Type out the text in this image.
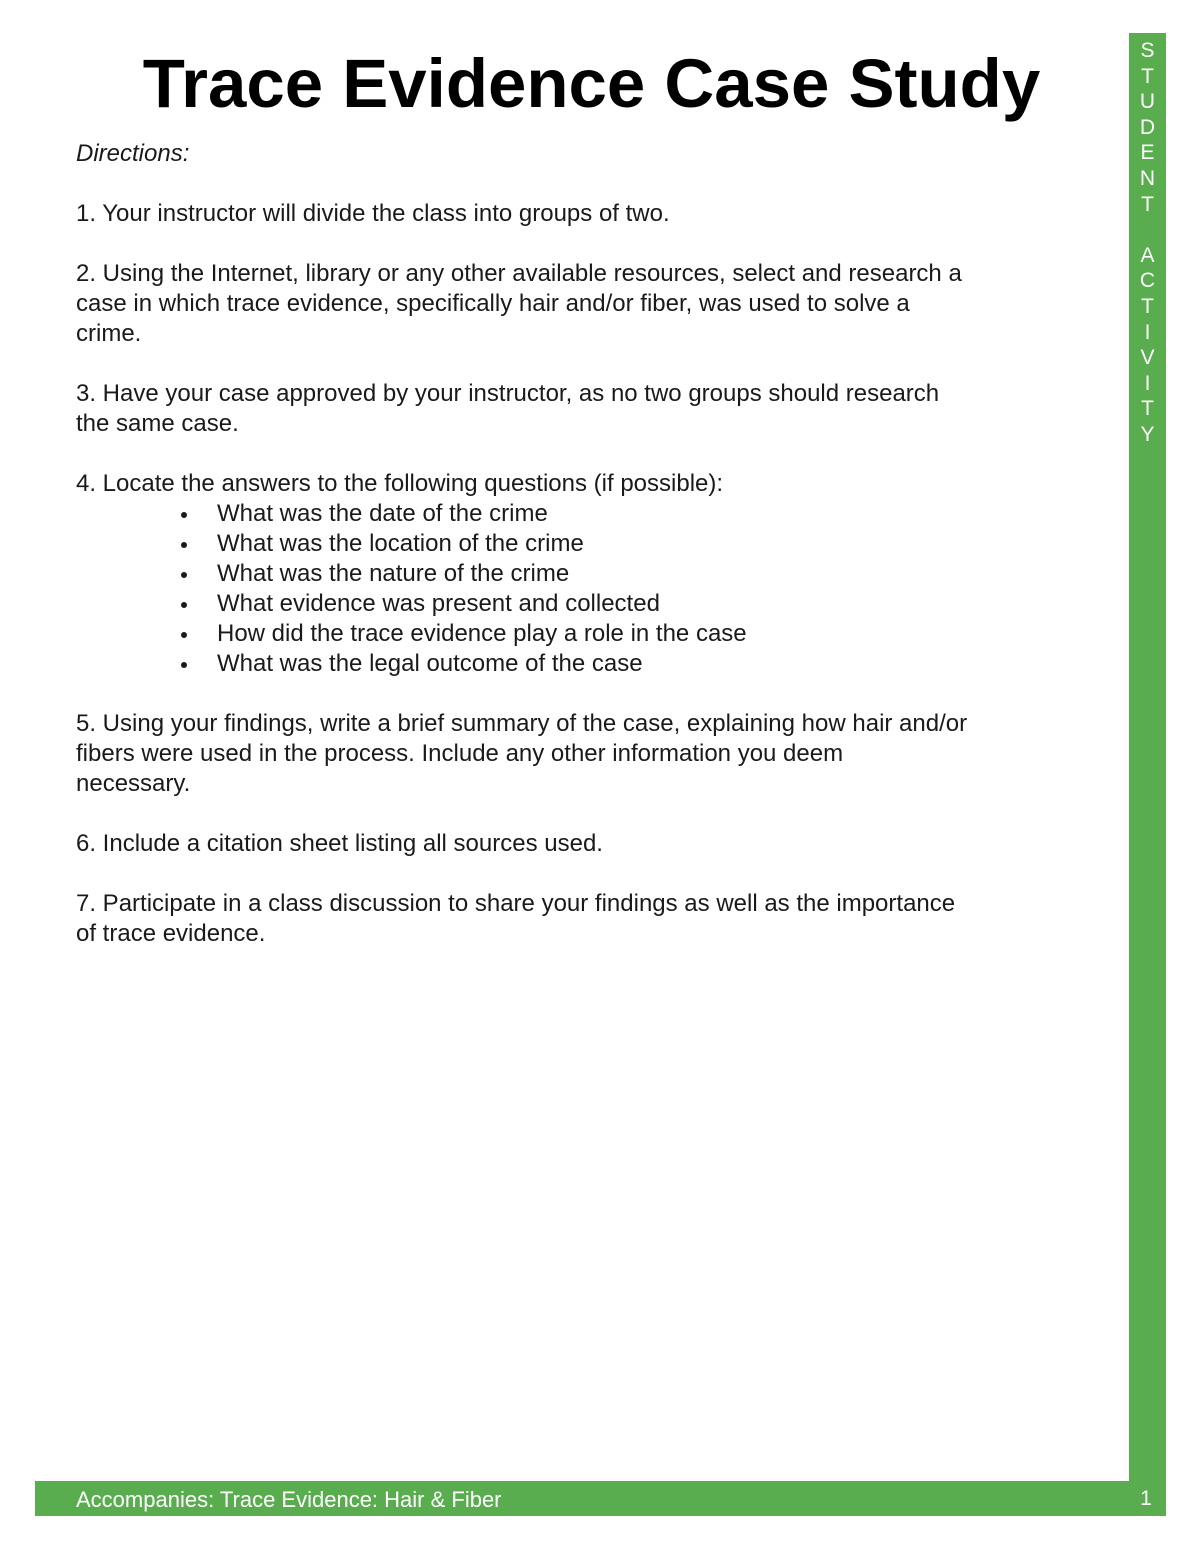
Trace Evidence Case Study
Directions:
1. Your instructor will divide the class into groups of two.
2. Using the Internet, library or any other available resources, select and research a
case in which trace evidence, specifically hair and/or fiber, was used to solve a
crime.
3. Have your case approved by your instructor, as no two groups should research
the same case.
4. Locate the answers to the following questions (if possible):
What was the date of the crime
What was the location of the crime
What was the nature of the crime
What evidence was present and collected
How did the trace evidence play a role in the case
What was the legal outcome of the case
5. Using your findings, write a brief summary of the case, explaining how hair and/or
fibers were used in the process. Include any other information you deem
necessary.
6. Include a citation sheet listing all sources used.
7. Participate in a class discussion to share your findings as well as the importance
of trace evidence.
S
T
U
D
E
N
T
A
C
T
I
V
I
T
Y
Accompanies: Trace Evidence: Hair & Fiber	1
